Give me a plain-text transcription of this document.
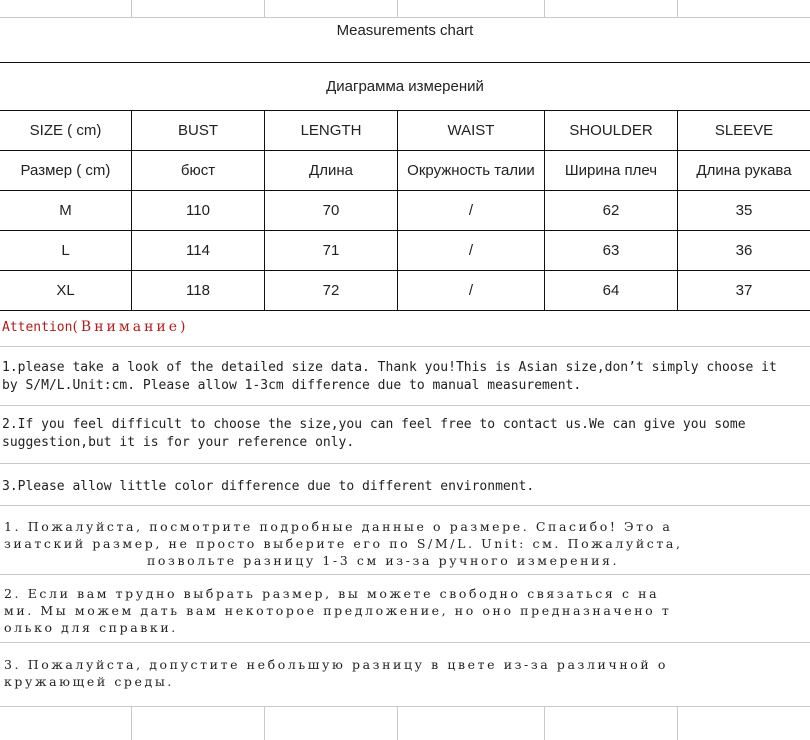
Measurements chart
Диаграмма измерений
SIZE ( cm)	BUST	LENGTH	WAIST	SHOULDER	SLEEVE
Размер ( cm)	бюст	Длина	Окружность талии	Ширина плеч	Длина рукава
M	110	70	/	62	35
L	114	71	/	63	36
XL	118	72	/	64	37
Attention(Внимание)
1.please take a look of the detailed size data. Thank you!This is Asian size,don’t simply choose it
by S/M/L.Unit:cm. Please allow 1-3cm difference due to manual measurement.
2.If you feel difficult to choose the size,you can feel free to contact us.We can give you some
suggestion,but it is for your reference only.
3.Please allow little color difference due to different environment.
1. Пожалуйста, посмотрите подробные данные о размере. Спасибо! Это а
зиатский размер, не просто выберите его по S/M/L. Unit: см. Пожалуйста,
позвольте разницу 1-3 см из-за ручного измерения.
2. Если вам трудно выбрать размер, вы можете свободно связаться с на
ми. Мы можем дать вам некоторое предложение, но оно предназначено т
олько для справки.
3. Пожалуйста, допустите небольшую разницу в цвете из-за различной о
кружающей среды.
